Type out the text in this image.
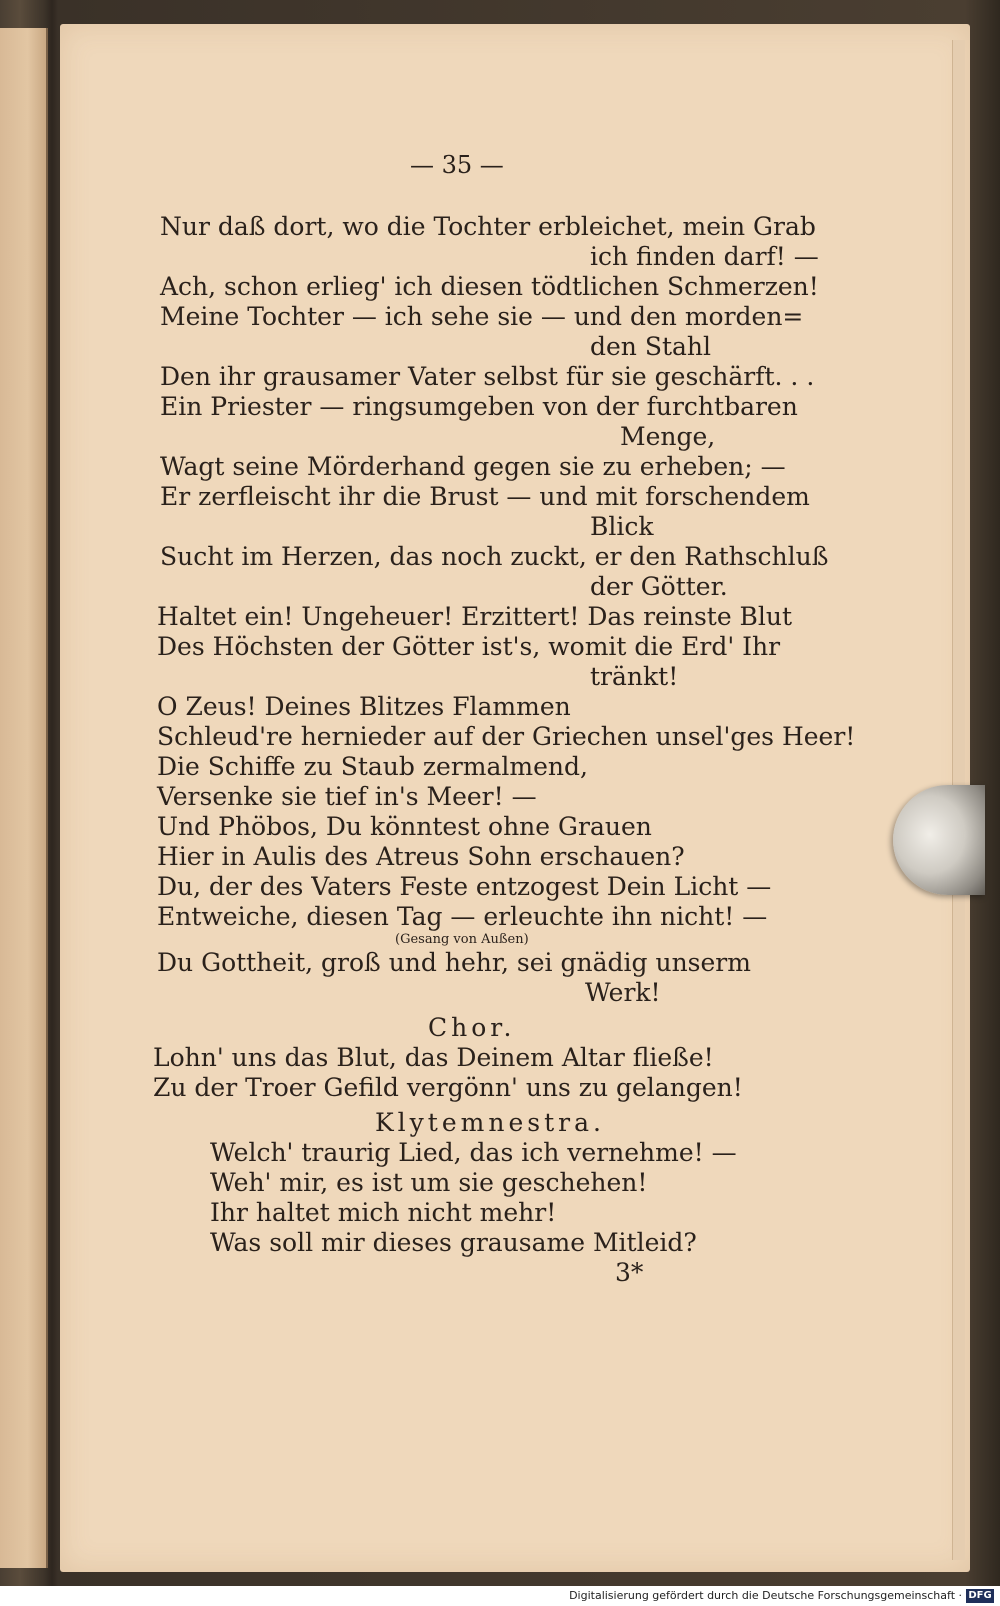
— 35 —
Nur daß dort, wo die Tochter erbleichet, mein Grab
ich finden darf! —
Ach, schon erlieg' ich diesen tödtlichen Schmerzen!
Meine Tochter — ich sehe sie — und den morden=
den Stahl
Den ihr grausamer Vater selbst für sie geschärft. . .
Ein Priester — ringsumgeben von der furchtbaren
Menge,
Wagt seine Mörderhand gegen sie zu erheben; —
Er zerfleischt ihr die Brust — und mit forschendem
Blick
Sucht im Herzen, das noch zuckt, er den Rathschluß
der Götter.
Haltet ein! Ungeheuer! Erzittert! Das reinste Blut
Des Höchsten der Götter ist's, womit die Erd' Ihr
tränkt!
O Zeus! Deines Blitzes Flammen
Schleud're hernieder auf der Griechen unsel'ges Heer!
Die Schiffe zu Staub zermalmend,
Versenke sie tief in's Meer! —
Und Phöbos, Du könntest ohne Grauen
Hier in Aulis des Atreus Sohn erschauen?
Du, der des Vaters Feste entzogest Dein Licht —
Entweiche, diesen Tag — erleuchte ihn nicht! —
(Gesang von Außen)
Du Gottheit, groß und hehr, sei gnädig unserm
Werk!
Chor.
Lohn' uns das Blut, das Deinem Altar fließe!
Zu der Troer Gefild vergönn' uns zu gelangen!
Klytemnestra.
Welch' traurig Lied, das ich vernehme! —
Weh' mir, es ist um sie geschehen!
Ihr haltet mich nicht mehr!
Was soll mir dieses grausame Mitleid?
3*
Digitalisierung gefördert durch die Deutsche Forschungsgemeinschaft · DFG
